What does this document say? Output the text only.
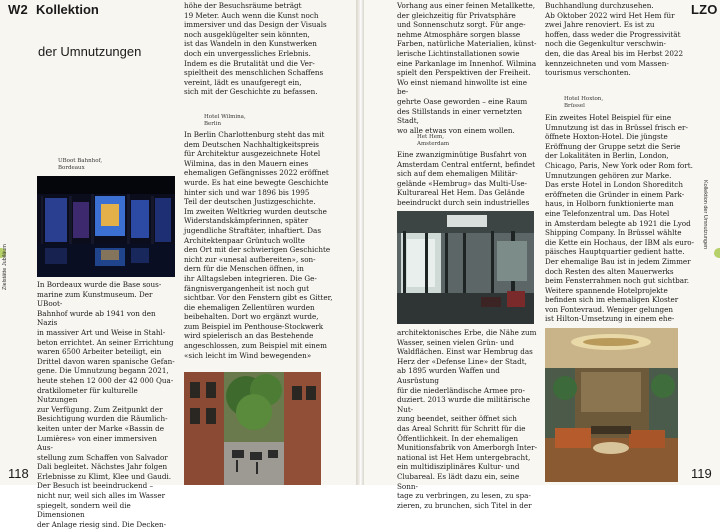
W2 Kollektion
der Umnutzungen
Zielstätte Jubiläum
UBoot Bahnhof,
Bordeaux

In Bordeaux wurde die Base sous-
marine zum Kunstmuseum. Der UBoot-
Bahnhof wurde ab 1941 von den Nazis
in massiver Art und Weise in Stahl-
beton errichtet. An seiner Errichtung
waren 6500 Arbeiter beteiligt, ein
Drittel davon waren spanische Gefan-
gene. Die Umnutzung begann 2021,
heute stehen 12 000 der 42 000 Qua-
dratkilometer für kulturelle Nutzungen
zur Verfügung. Zum Zeitpunkt der
Besichtigung wurden die Räumlich-
keiten unter der Marke «Bassin de
Lumières» von einer immersiven Aus-
stellung zum Schaffen von Salvador
Dali begleitet. Nächstes Jahr folgen
Erlebnisse zu Klimt, Klee und Gaudi.
Der Besuch ist beeindruckend –
nicht nur, weil sich alles im Wasser
spiegelt, sondern weil die Dimensionen
der Anlage riesig sind. Die Decken-

höhe der Besuchsräume beträgt
19 Meter. Auch wenn die Kunst noch
immersiver und das Design der Visuals
noch ausgeklügelter sein könnten,
ist das Wandeln in den Kunstwerken
doch ein unvergessliches Erlebnis.
Indem es die Brutalität und die Ver-
spieltheit des menschlichen Schaffens
vereint, lädt es unaufgeregt ein,
sich mit der Geschichte zu befassen.

Hotel Wilmina,
Berlin

In Berlin Charlottenburg steht das mit
dem Deutschen Nachhaltigkeitspreis
für Architektur ausgezeichnete Hotel
Wilmina, das in den Mauern eines
ehemaligen Gefängnisses 2022 eröffnet
wurde. Es hat eine bewegte Geschichte
hinter sich und war 1896 bis 1995
Teil der deutschen Justizgeschichte.
Im zweiten Weltkrieg wurden deutsche
Widerstandskämpferinnen, später
jugendliche Straftäter, inhaftiert. Das
Architektenpaar Grüntuch wollte
den Ort mit der schwierigen Geschichte
nicht zur «unesal aufbereiten», son-
dern für die Menschen öffnen, in
ihr Alltagsleben integrieren. Die Ge-
fängnisvergangenheit ist noch gut
sichtbar. Vor den Fenstern gibt es Gitter,
die ehemaligen Zellentüren wurden
beibehalten. Dort wo ergänzt wurde,
zum Beispiel im Penthouse-Stockwerk
wird spielerisch an das Bestehende
angeschlossen, zum Beispiel mit einem
«sich leicht im Wind bewegenden»

118

Vorhang aus einer feinen Metallkette,
der gleichzeitig für Privatsphäre
und Sonnenschutz sorgt. Für ange-
nehme Atmosphäre sorgen blasse
Farben, natürliche Materialien, künst-
lerische Lichtinstallationen sowie
eine Parkanlage im Innenhof. Wilmina
spielt den Perspektiven der Freiheit.
Wo einst niemand hinwollte ist eine be-
gehrte Oase geworden – eine Raum
des Stillstands in einer vernetzten Stadt,
wo alle etwas von einem wollen.

Het Hem,
Amsterdam

Eine zwanzigminütige Busfahrt von
Amsterdam Central entfernt, befindet
sich auf dem ehemaligen Militär-
gelände «Hembrug» das Multi-Use-
Kulturareal Het Hem. Das Gelände
beeindruckt durch sein industrielles

architektonisches Erbe, die Nähe zum
Wasser, seinen vielen Grün- und
Waldflächen. Einst war Hembrug das
Herz der «Defense Line» der Stadt,
ab 1895 wurden Waffen und Ausrüstung
für die niederländische Armee pro-
duziert. 2013 wurde die militärische Nut-
zung beendet, seither öffnet sich
das Areal Schritt für Schritt für die
Öffentlichkeit. In der ehemaligen
Munitionsfabrik von Amerborgh Inter-
national ist Het Hem untergebracht,
ein multidisziplinäres Kultur- und
Clubareal. Es lädt dazu ein, seine Sonn-
tage zu verbringen, zu lesen, zu spa-
zieren, zu brunchen, sich Titel in der

Buchhandlung durchzusehen.
Ab Oktober 2022 wird Het Hem für
zwei Jahre renoviert. Es ist zu
hoffen, dass weder die Progressivität
noch die Gegenkultur verschwin-
den, die das Areal bis im Herbst 2022
kennzeichneten und vom Massen-
tourismus verschonten.

Hotel Hoxton,
Brüssel

Ein zweites Hotel Beispiel für eine
Umnutzung ist das in Brüssel frisch er-
öffnete Hoxton-Hotel. Die jüngste
Eröffnung der Gruppe setzt die Serie
der Lokalitäten in Berlin, London,
Chicago, Paris, New York oder Rom fort.
Umnutzungen gehören zur Marke.
Das erste Hotel in London Shoreditch
eröffneten die Gründer in einem Park-
haus, in Holborn funktionierte man
eine Telefonzentral um. Das Hotel
in Amsterdam belegte ab 1921 die Lyod
Shipping Company. In Brüssel wählte
die Kette ein Hochaus, der IBM als euro-
päisches Hauptquartier gedient hatte.
Der ehemalige Bau ist in jedem Zimmer
doch Resten des alten Mauerwerks
beim Fensterrahmen noch gut sichtbar.
Weitere spannende Hotelprojekte
befinden sich im ehemaligen Kloster
von Fontevraud. Weniger gelungen
ist Hilton-Umsetzung in einem ehe-

LZO
Kollektion der Umnutzungen
119
